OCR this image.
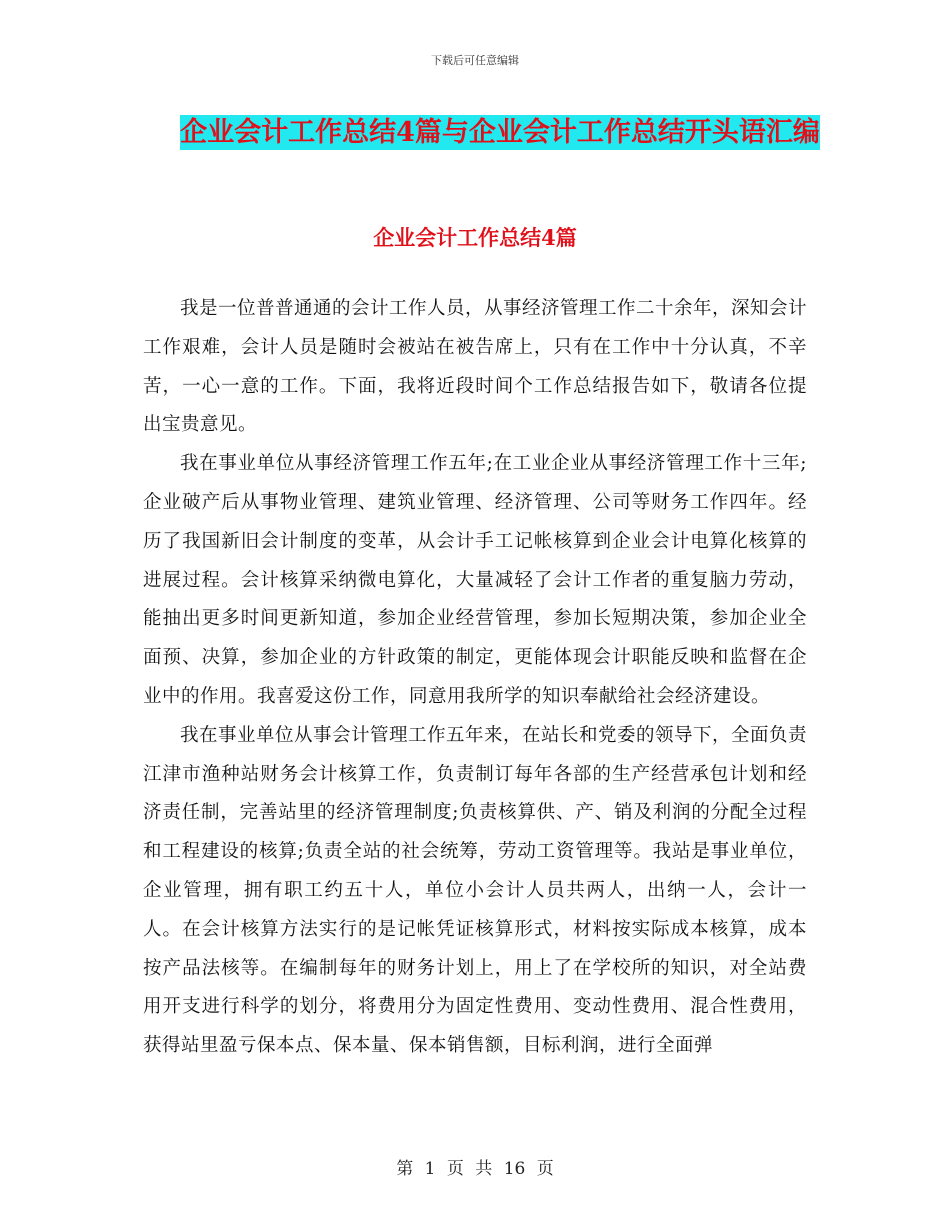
下载后可任意编辑
企业会计工作总结4篇与企业会计工作总结开头语汇编
企业会计工作总结4篇

我是一位普普通通的会计工作人员，从事经济管理工作二十余年，深知会计工作艰难，会计人员是随时会被站在被告席上，只有在工作中十分认真，不辛苦，一心一意的工作。下面，我将近段时间个工作总结报告如下，敬请各位提出宝贵意见。

我在事业单位从事经济管理工作五年;在工业企业从事经济管理工作十三年;企业破产后从事物业管理、建筑业管理、经济管理、公司等财务工作四年。经历了我国新旧会计制度的变革，从会计手工记帐核算到企业会计电算化核算的进展过程。会计核算采纳微电算化，大量减轻了会计工作者的重复脑力劳动，能抽出更多时间更新知道，参加企业经营管理，参加长短期决策，参加企业全面预、决算，参加企业的方针政策的制定，更能体现会计职能反映和监督在企业中的作用。我喜爱这份工作，同意用我所学的知识奉献给社会经济建设。

我在事业单位从事会计管理工作五年来，在站长和党委的领导下，全面负责江津市渔种站财务会计核算工作，负责制订每年各部的生产经营承包计划和经济责任制，完善站里的经济管理制度;负责核算供、产、销及利润的分配全过程和工程建设的核算;负责全站的社会统筹，劳动工资管理等。我站是事业单位，企业管理，拥有职工约五十人，单位小会计人员共两人，出纳一人，会计一人。在会计核算方法实行的是记帐凭证核算形式，材料按实际成本核算，成本按产品法核等。在编制每年的财务计划上，用上了在学校所的知识，对全站费用开支进行科学的划分，将费用分为固定性费用、变动性费用、混合性费用，获得站里盈亏保本点、保本量、保本销售额，目标利润，进行全面弹

第 1 页 共 16 页
